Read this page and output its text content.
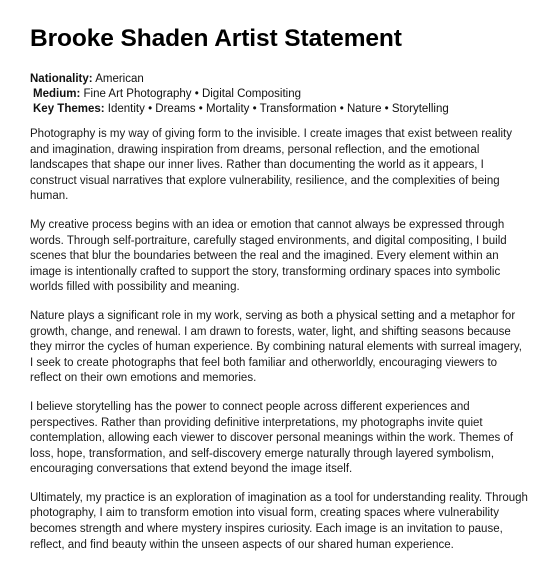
Brooke Shaden Artist Statement
Nationality: American
Medium: Fine Art Photography • Digital Compositing
Key Themes: Identity • Dreams • Mortality • Transformation • Nature • Storytelling

Photography is my way of giving form to the invisible. I create images that exist between reality and imagination, drawing inspiration from dreams, personal reflection, and the emotional landscapes that shape our inner lives. Rather than documenting the world as it appears, I construct visual narratives that explore vulnerability, resilience, and the complexities of being human.

My creative process begins with an idea or emotion that cannot always be expressed through words. Through self-portraiture, carefully staged environments, and digital compositing, I build scenes that blur the boundaries between the real and the imagined. Every element within an image is intentionally crafted to support the story, transforming ordinary spaces into symbolic worlds filled with possibility and meaning.

Nature plays a significant role in my work, serving as both a physical setting and a metaphor for growth, change, and renewal. I am drawn to forests, water, light, and shifting seasons because they mirror the cycles of human experience. By combining natural elements with surreal imagery, I seek to create photographs that feel both familiar and otherworldly, encouraging viewers to reflect on their own emotions and memories.

I believe storytelling has the power to connect people across different experiences and perspectives. Rather than providing definitive interpretations, my photographs invite quiet contemplation, allowing each viewer to discover personal meanings within the work. Themes of loss, hope, transformation, and self-discovery emerge naturally through layered symbolism, encouraging conversations that extend beyond the image itself.

Ultimately, my practice is an exploration of imagination as a tool for understanding reality. Through photography, I aim to transform emotion into visual form, creating spaces where vulnerability becomes strength and where mystery inspires curiosity. Each image is an invitation to pause, reflect, and find beauty within the unseen aspects of our shared human experience.
